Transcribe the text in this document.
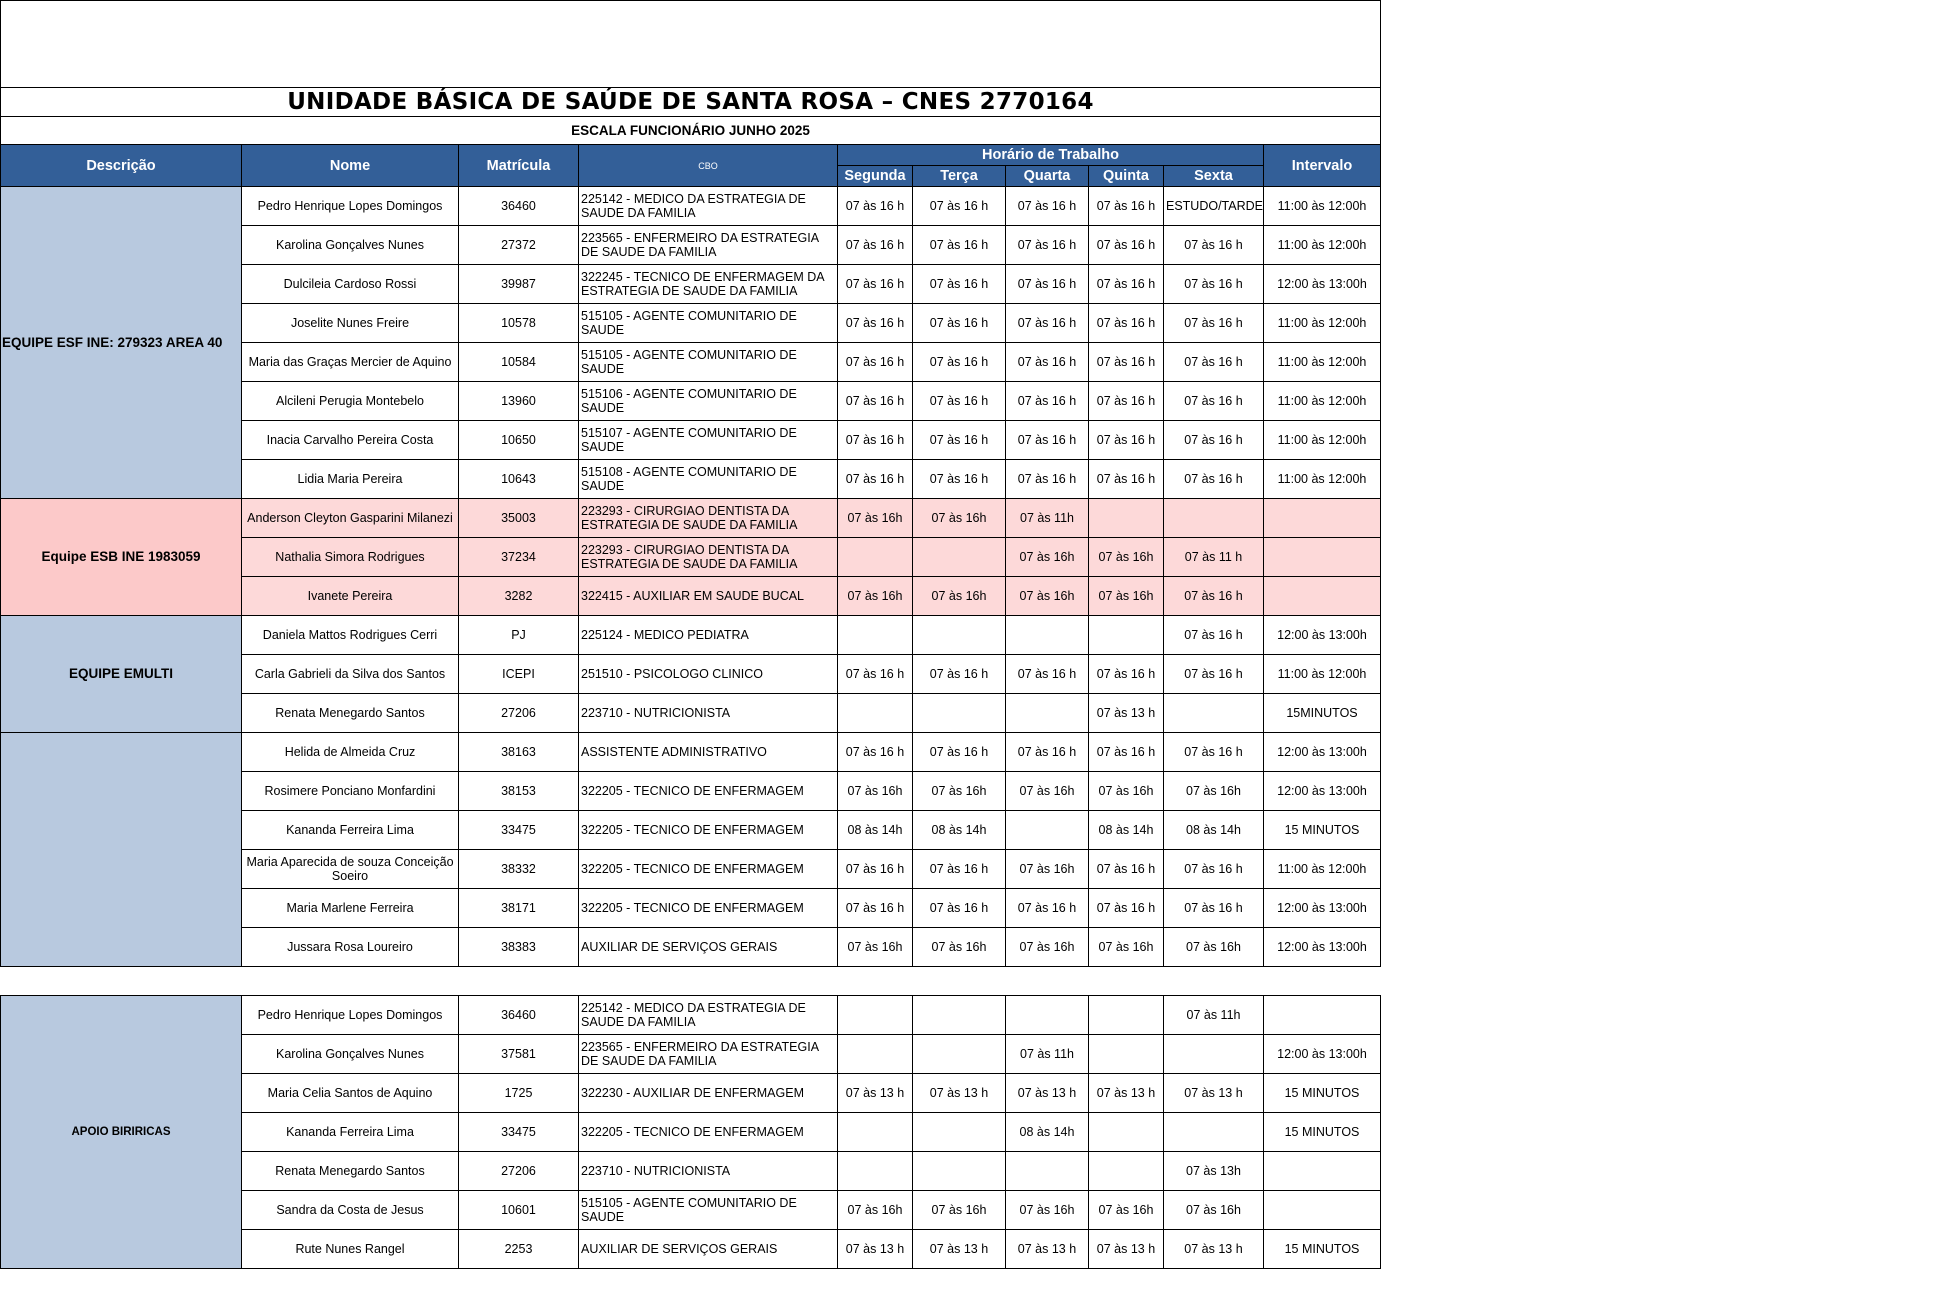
UNIDADE BÁSICA DE SAÚDE DE SANTA ROSA – CNES 2770164									
ESCALA FUNCIONÁRIO JUNHO 2025									
Descrição	Nome	Matrícula	CBO	Horário de Trabalho					Intervalo
				Segunda	Terça	Quarta	Quinta	Sexta	
EQUIPE ESF INE: 279323 AREA 40	Pedro Henrique Lopes Domingos	36460	225142 - MEDICO DA ESTRATEGIA DE SAUDE DA FAMILIA	07 às 16 h	07 às 16 h	07 às 16 h	07 às 16 h	ESTUDO/TARDE	11:00 às 12:00h
	Karolina Gonçalves Nunes	27372	223565 - ENFERMEIRO DA ESTRATEGIA DE SAUDE DA FAMILIA	07 às 16 h	07 às 16 h	07 às 16 h	07 às 16 h	07 às 16 h	11:00 às 12:00h
	Dulcileia Cardoso Rossi	39987	322245 - TECNICO DE ENFERMAGEM DA ESTRATEGIA DE SAUDE DA FAMILIA	07 às 16 h	07 às 16 h	07 às 16 h	07 às 16 h	07 às 16 h	12:00 às 13:00h
	Joselite Nunes Freire	10578	515105 - AGENTE COMUNITARIO DE SAUDE	07 às 16 h	07 às 16 h	07 às 16 h	07 às 16 h	07 às 16 h	11:00 às 12:00h
	Maria das Graças Mercier de Aquino	10584	515105 - AGENTE COMUNITARIO DE SAUDE	07 às 16 h	07 às 16 h	07 às 16 h	07 às 16 h	07 às 16 h	11:00 às 12:00h
	Alcileni Perugia Montebelo	13960	515106 - AGENTE COMUNITARIO DE SAUDE	07 às 16 h	07 às 16 h	07 às 16 h	07 às 16 h	07 às 16 h	11:00 às 12:00h
	Inacia Carvalho Pereira Costa	10650	515107 - AGENTE COMUNITARIO DE SAUDE	07 às 16 h	07 às 16 h	07 às 16 h	07 às 16 h	07 às 16 h	11:00 às 12:00h
	Lidia Maria Pereira	10643	515108 - AGENTE COMUNITARIO DE SAUDE	07 às 16 h	07 às 16 h	07 às 16 h	07 às 16 h	07 às 16 h	11:00 às 12:00h
Equipe ESB INE 1983059	Anderson Cleyton Gasparini Milanezi	35003	223293 - CIRURGIAO DENTISTA DA ESTRATEGIA DE SAUDE DA FAMILIA	07 às 16h	07 às 16h	07 às 11h			
	Nathalia Simora Rodrigues	37234	223293 - CIRURGIAO DENTISTA DA ESTRATEGIA DE SAUDE DA FAMILIA			07 às 16h	07 às 16h	07 às 11 h	
	Ivanete Pereira	3282	322415 - AUXILIAR EM SAUDE BUCAL	07 às 16h	07 às 16h	07 às 16h	07 às 16h	07 às 16 h	
EQUIPE EMULTI	Daniela Mattos Rodrigues Cerri	PJ	225124 - MEDICO PEDIATRA					07 às 16 h	12:00 às 13:00h
	Carla Gabrieli da Silva dos Santos	ICEPI	251510 - PSICOLOGO CLINICO	07 às 16 h	07 às 16 h	07 às 16 h	07 às 16 h	07 às 16 h	11:00 às 12:00h
	Renata Menegardo Santos	27206	223710 - NUTRICIONISTA				07 às 13 h		15MINUTOS
	Helida de Almeida Cruz	38163	ASSISTENTE ADMINISTRATIVO	07 às 16 h	07 às 16 h	07 às 16 h	07 às 16 h	07 às 16 h	12:00 às 13:00h
	Rosimere Ponciano Monfardini	38153	322205 - TECNICO DE ENFERMAGEM	07 às 16h	07 às 16h	07 às 16h	07 às 16h	07 às 16h	12:00 às 13:00h
	Kananda Ferreira Lima	33475	322205 - TECNICO DE ENFERMAGEM	08 às 14h	08 às 14h		08 às 14h	08 às 14h	15 MINUTOS
	Maria Aparecida de souza Conceição Soeiro	38332	322205 - TECNICO DE ENFERMAGEM	07 às 16 h	07 às 16 h	07 às 16h	07 às 16 h	07 às 16 h	11:00 às 12:00h
	Maria Marlene Ferreira	38171	322205 - TECNICO DE ENFERMAGEM	07 às 16 h	07 às 16 h	07 às 16 h	07 às 16 h	07 às 16 h	12:00 às 13:00h
	Jussara Rosa Loureiro	38383	AUXILIAR DE SERVIÇOS GERAIS	07 às 16h	07 às 16h	07 às 16h	07 às 16h	07 às 16h	12:00 às 13:00h
APOIO BIRIRICAS	Pedro Henrique Lopes Domingos	36460	225142 - MEDICO DA ESTRATEGIA DE SAUDE DA FAMILIA					07 às 11h	
	Karolina Gonçalves Nunes	37581	223565 - ENFERMEIRO DA ESTRATEGIA DE SAUDE DA FAMILIA			07 às 11h			12:00 às 13:00h
	Maria Celia Santos de Aquino	1725	322230 - AUXILIAR DE ENFERMAGEM	07 às 13 h	07 às 13 h	07 às 13 h	07 às 13 h	07 às 13 h	15 MINUTOS
	Kananda Ferreira Lima	33475	322205 - TECNICO DE ENFERMAGEM			08 às 14h			15 MINUTOS
	Renata Menegardo Santos	27206	223710 - NUTRICIONISTA					07 às 13h	
	Sandra da Costa de Jesus	10601	515105 - AGENTE COMUNITARIO DE SAUDE	07 às 16h	07 às 16h	07 às 16h	07 às 16h	07 às 16h	
	Rute Nunes Rangel	2253	AUXILIAR DE SERVIÇOS GERAIS	07 às 13 h	07 às 13 h	07 às 13 h	07 às 13 h	07 às 13 h	15 MINUTOS
